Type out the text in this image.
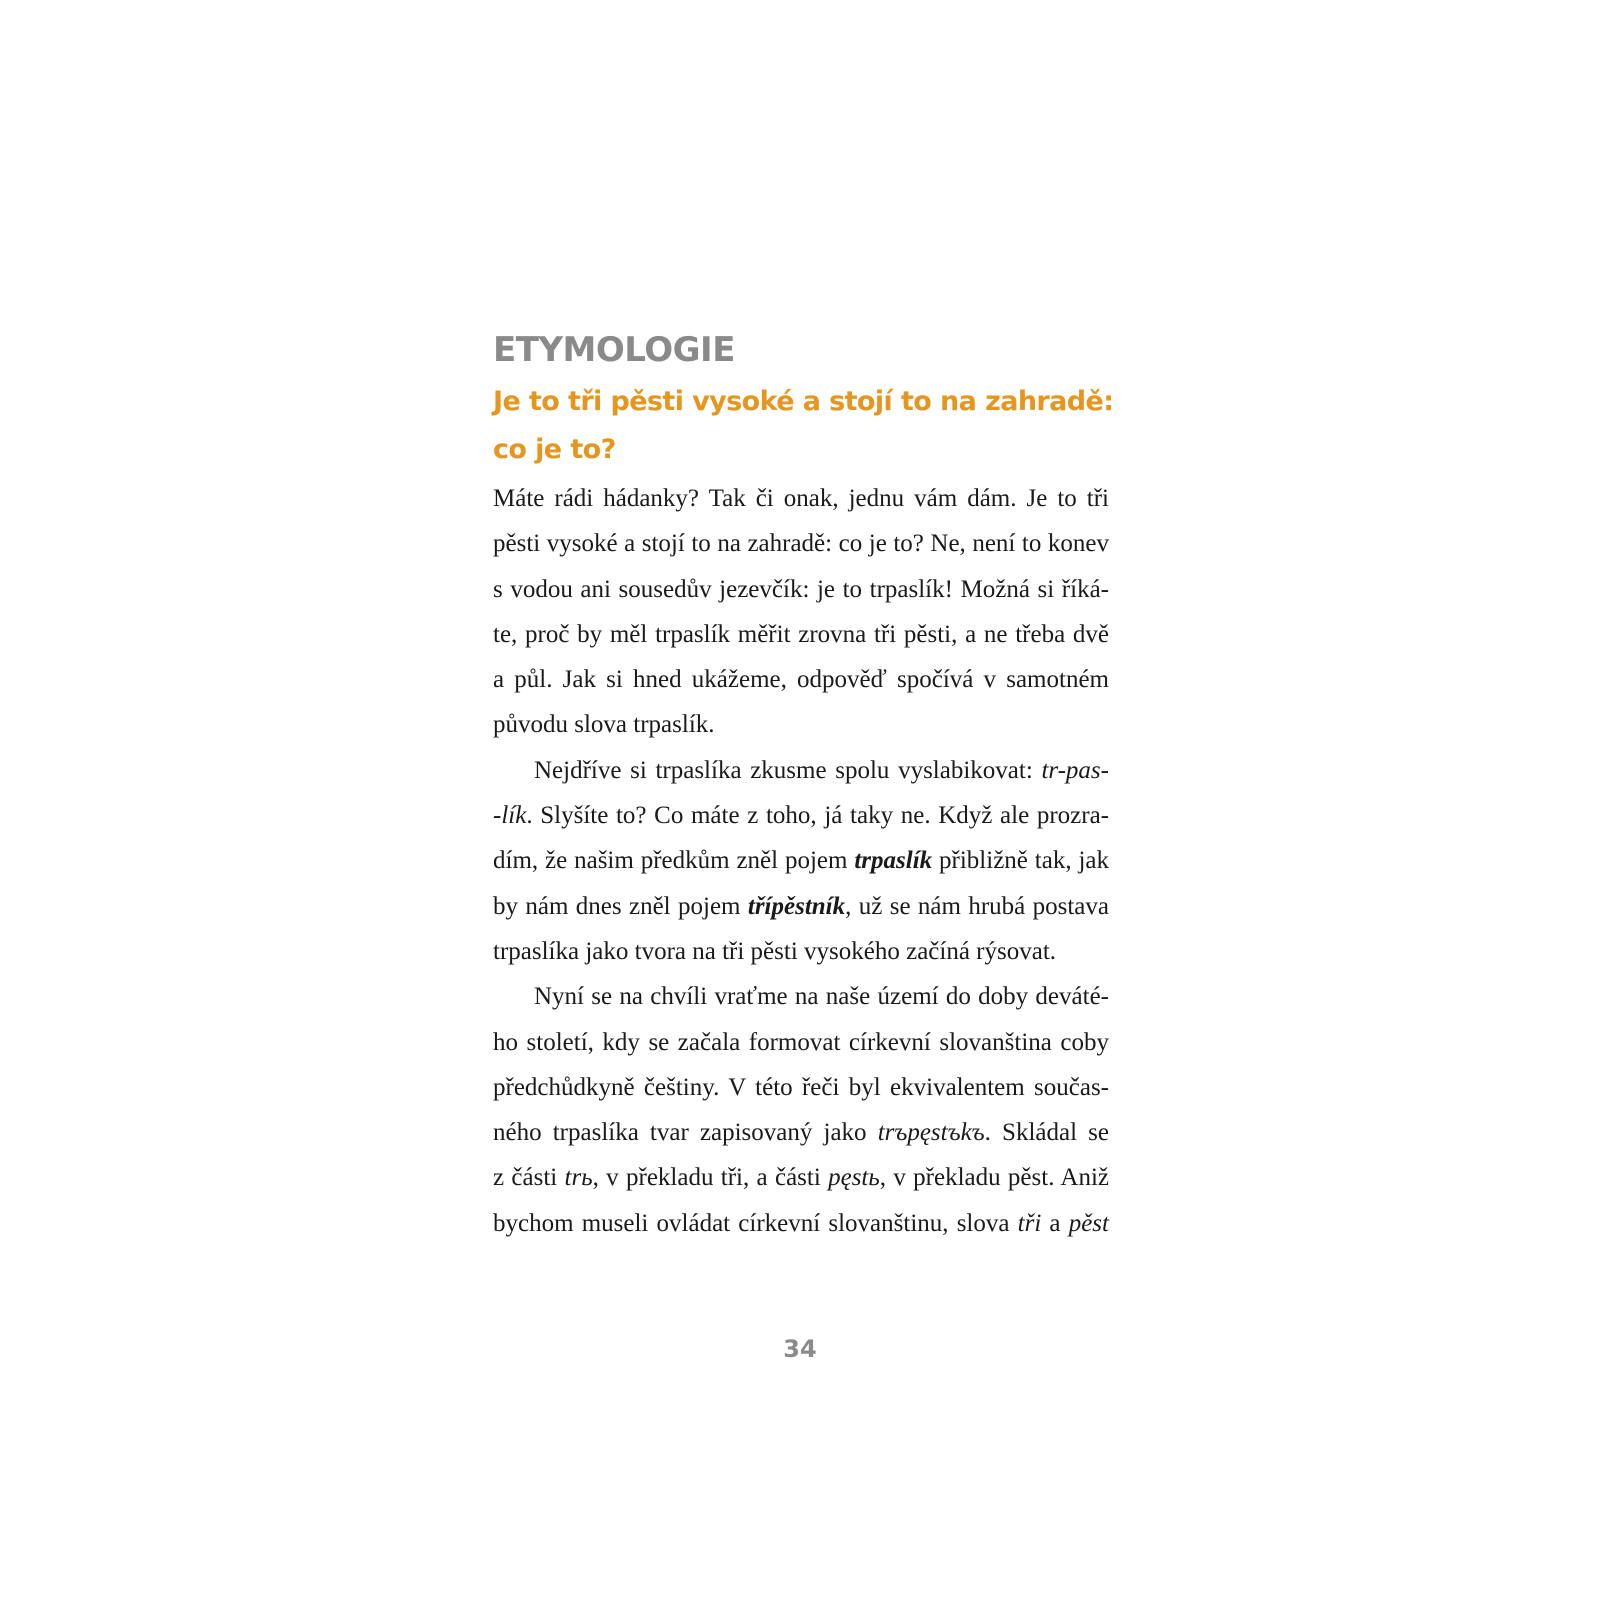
ETYMOLOGIE
Je to tři pěsti vysoké a stojí to na zahradě:
co je to?
Máte rádi hádanky? Tak či onak, jednu vám dám. Je to tři
pěsti vysoké a stojí to na zahradě: co je to? Ne, není to konev
s vodou ani sousedův jezevčík: je to trpaslík! Možná si říká-
te, proč by měl trpaslík měřit zrovna tři pěsti, a ne třeba dvě
a půl. Jak si hned ukážeme, odpověď spočívá v samotném
původu slova trpaslík.
Nejdříve si trpaslíka zkusme spolu vyslabikovat: tr-pas-
-lík. Slyšíte to? Co máte z toho, já taky ne. Když ale prozra-
dím, že našim předkům zněl pojem trpaslík přibližně tak, jak
by nám dnes zněl pojem třípěstník, už se nám hrubá postava
trpaslíka jako tvora na tři pěsti vysokého začíná rýsovat.
Nyní se na chvíli vraťme na naše území do doby deváté-
ho století, kdy se začala formovat církevní slovanština coby
předchůdkyně češtiny. V této řeči byl ekvivalentem součas-
ného trpaslíka tvar zapisovaný jako trъpęstъkъ. Skládal se
z části trь, v překladu tři, a části pęstь, v překladu pěst. Aniž
bychom museli ovládat církevní slovanštinu, slova tři a pěst
34
